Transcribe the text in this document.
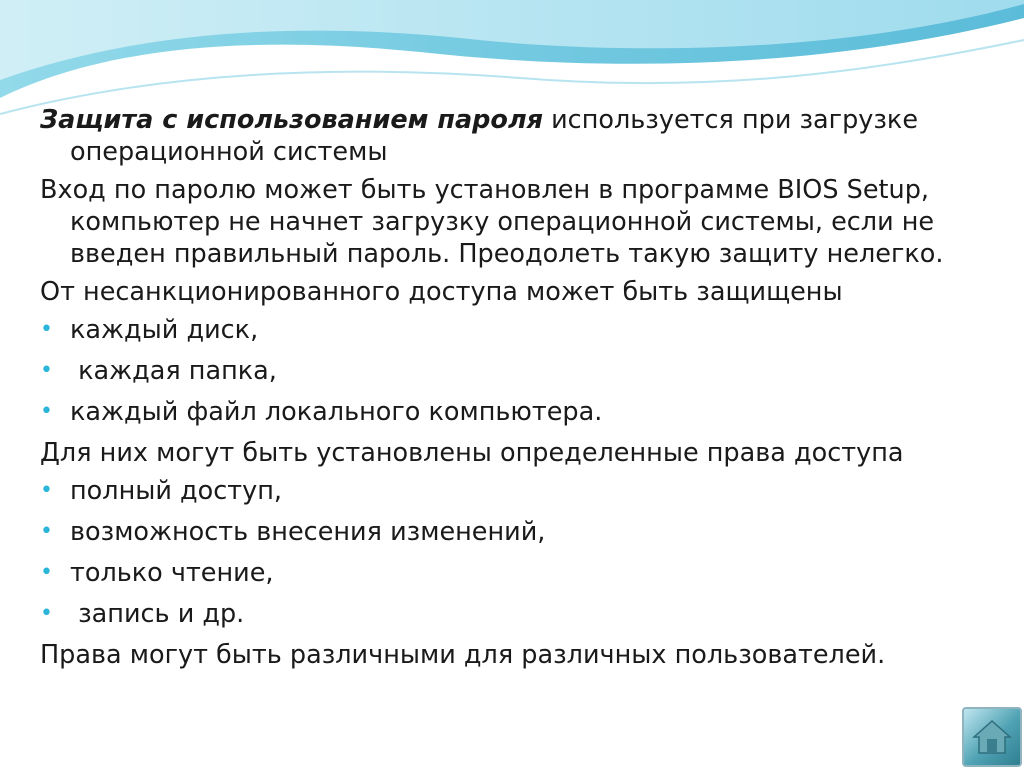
Защита с использованием пароля используется при загрузке операционной системы

Вход по паролю может быть установлен в программе BIOS Setup, компьютер не начнет загрузку операционной системы, если не введен правильный пароль. Преодолеть такую защиту нелегко.

От несанкционированного доступа может быть защищены

• каждый диск,
• каждая папка,
• каждый файл локального компьютера.

Для них могут быть установлены определенные права доступа

• полный доступ,
• возможность внесения изменений,
• только чтение,
• запись и др.

Права могут быть различными для различных пользователей.
